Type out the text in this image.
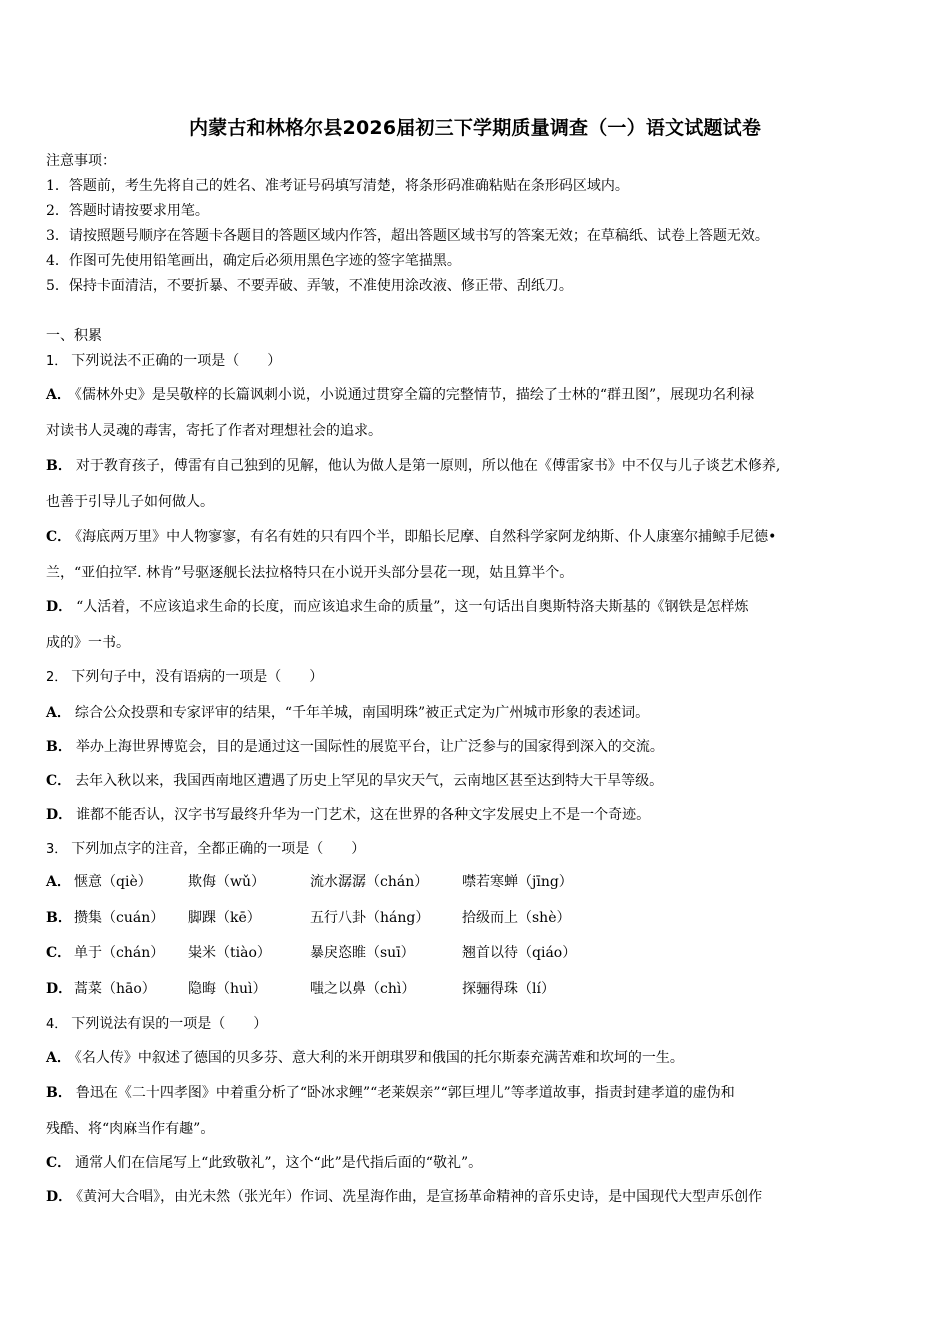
内蒙古和林格尔县2026届初三下学期质量调查（一）语文试题试卷
注意事项：
1．答题前，考生先将自己的姓名、准考证号码填写清楚，将条形码准确粘贴在条形码区域内。
2．答题时请按要求用笔。
3．请按照题号顺序在答题卡各题目的答题区域内作答，超出答题区域书写的答案无效；在草稿纸、试卷上答题无效。
4．作图可先使用铅笔画出，确定后必须用黑色字迹的签字笔描黑。
5．保持卡面清洁，不要折暴、不要弄破、弄皱，不准使用涂改液、修正带、刮纸刀。
一、积累
1． 下列说法不正确的一项是（　　）
A． 《儒林外史》是吴敬梓的长篇讽刺小说，小说通过贯穿全篇的完整情节，描绘了士林的“群丑图”，展现功名利禄
对读书人灵魂的毒害，寄托了作者对理想社会的追求。
B． 对于教育孩子，傅雷有自己独到的见解，他认为做人是第一原则，所以他在《傅雷家书》中不仅与儿子谈艺术修养,
也善于引导儿子如何做人。
C． 《海底两万里》中人物寥寥，有名有姓的只有四个半，即船长尼摩、自然科学家阿龙纳斯、仆人康塞尔捕鲸手尼德•
兰，“亚伯拉罕. 林肯”号驱逐舰长法拉格特只在小说开头部分昙花一现，姑且算半个。
D． “人活着，不应该追求生命的长度，而应该追求生命的质量”，这一句话出自奥斯特洛夫斯基的《钢铁是怎样炼
成的》一书。
2． 下列句子中，没有语病的一项是（　　）
A． 综合公众投票和专家评审的结果，“千年羊城，南国明珠”被正式定为广州城市形象的表述词。
B． 举办上海世界博览会，目的是通过这一国际性的展览平台，让广泛参与的国家得到深入的交流。
C． 去年入秋以来，我国西南地区遭遇了历史上罕见的旱灾天气，云南地区甚至达到特大干旱等级。
D． 谁都不能否认，汉字书写最终升华为一门艺术，这在世界的各种文字发展史上不是一个奇迹。
3． 下列加点字的注音，全都正确的一项是（　　）
A． 惬意（qiè）	欺侮（wǔ）	流水潺潺（chán） 噤若寒蝉（jīng）
B． 攒集（cuán） 脚踝（kē）	五行八卦（háng） 拾级而上（shè）
C． 单于（chán） 粜米（tiào）	暴戾恣睢（suī）	翘首以待（qiáo）
D． 蒿菜（hāo） 隐晦（huì）	嗤之以鼻（chì）	探骊得珠（lí）
4． 下列说法有误的一项是（　　）
A． 《名人传》中叙述了德国的贝多芬、意大利的米开朗琪罗和俄国的托尔斯泰充满苦难和坎坷的一生。
B． 鲁迅在《二十四孝图》中着重分析了“卧冰求鲤”“老莱娱亲”“郭巨埋儿”等孝道故事，指责封建孝道的虚伪和
残酷、将“肉麻当作有趣”。
C． 通常人们在信尾写上“此致敬礼”，这个“此”是代指后面的“敬礼”。
D． 《黄河大合唱》，由光未然（张光年）作词、冼星海作曲，是宣扬革命精神的音乐史诗，是中国现代大型声乐创作
